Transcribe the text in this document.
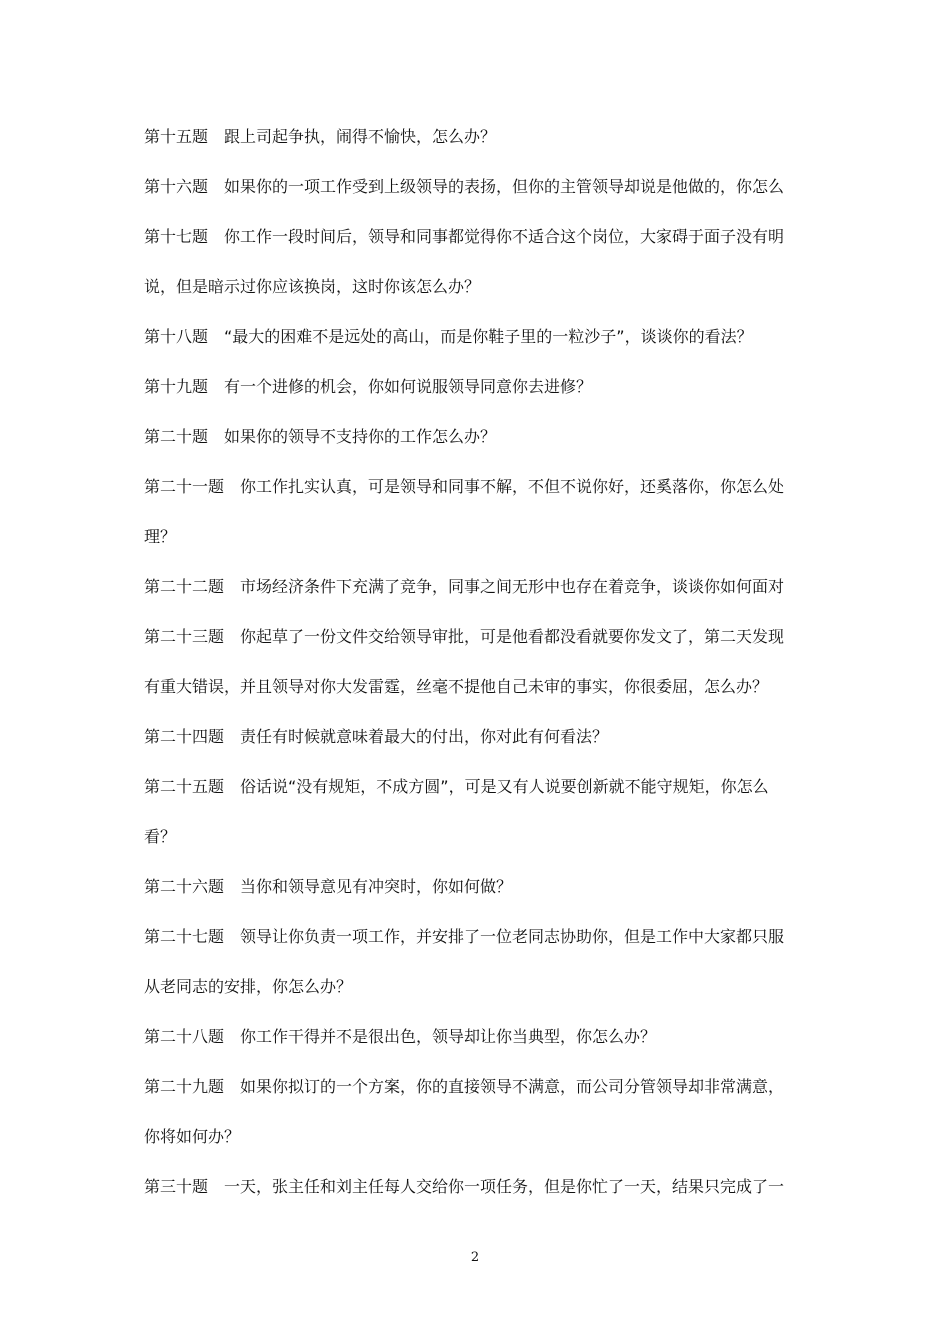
第十五题 跟上司起争执，闹得不愉快，怎么办？
第十六题 如果你的一项工作受到上级领导的表扬，但你的主管领导却说是他做的，你怎么
第十七题 你工作一段时间后，领导和同事都觉得你不适合这个岗位，大家碍于面子没有明
说，但是暗示过你应该换岗，这时你该怎么办？
第十八题 “最大的困难不是远处的高山，而是你鞋子里的一粒沙子”，谈谈你的看法？
第十九题 有一个进修的机会，你如何说服领导同意你去进修？
第二十题 如果你的领导不支持你的工作怎么办？
第二十一题 你工作扎实认真，可是领导和同事不解，不但不说你好，还奚落你，你怎么处
理？
第二十二题 市场经济条件下充满了竞争，同事之间无形中也存在着竞争，谈谈你如何面对
第二十三题 你起草了一份文件交给领导审批，可是他看都没看就要你发文了，第二天发现
有重大错误，并且领导对你大发雷霆，丝毫不提他自己未审的事实，你很委屈，怎么办？
第二十四题 责任有时候就意味着最大的付出，你对此有何看法？
第二十五题 俗话说“没有规矩，不成方圆”，可是又有人说要创新就不能守规矩，你怎么
看？
第二十六题 当你和领导意见有冲突时，你如何做？
第二十七题 领导让你负责一项工作，并安排了一位老同志协助你，但是工作中大家都只服
从老同志的安排，你怎么办？
第二十八题 你工作干得并不是很出色，领导却让你当典型，你怎么办？
第二十九题 如果你拟订的一个方案，你的直接领导不满意，而公司分管领导却非常满意，
你将如何办？
第三十题 一天，张主任和刘主任每人交给你一项任务，但是你忙了一天，结果只完成了一
2
